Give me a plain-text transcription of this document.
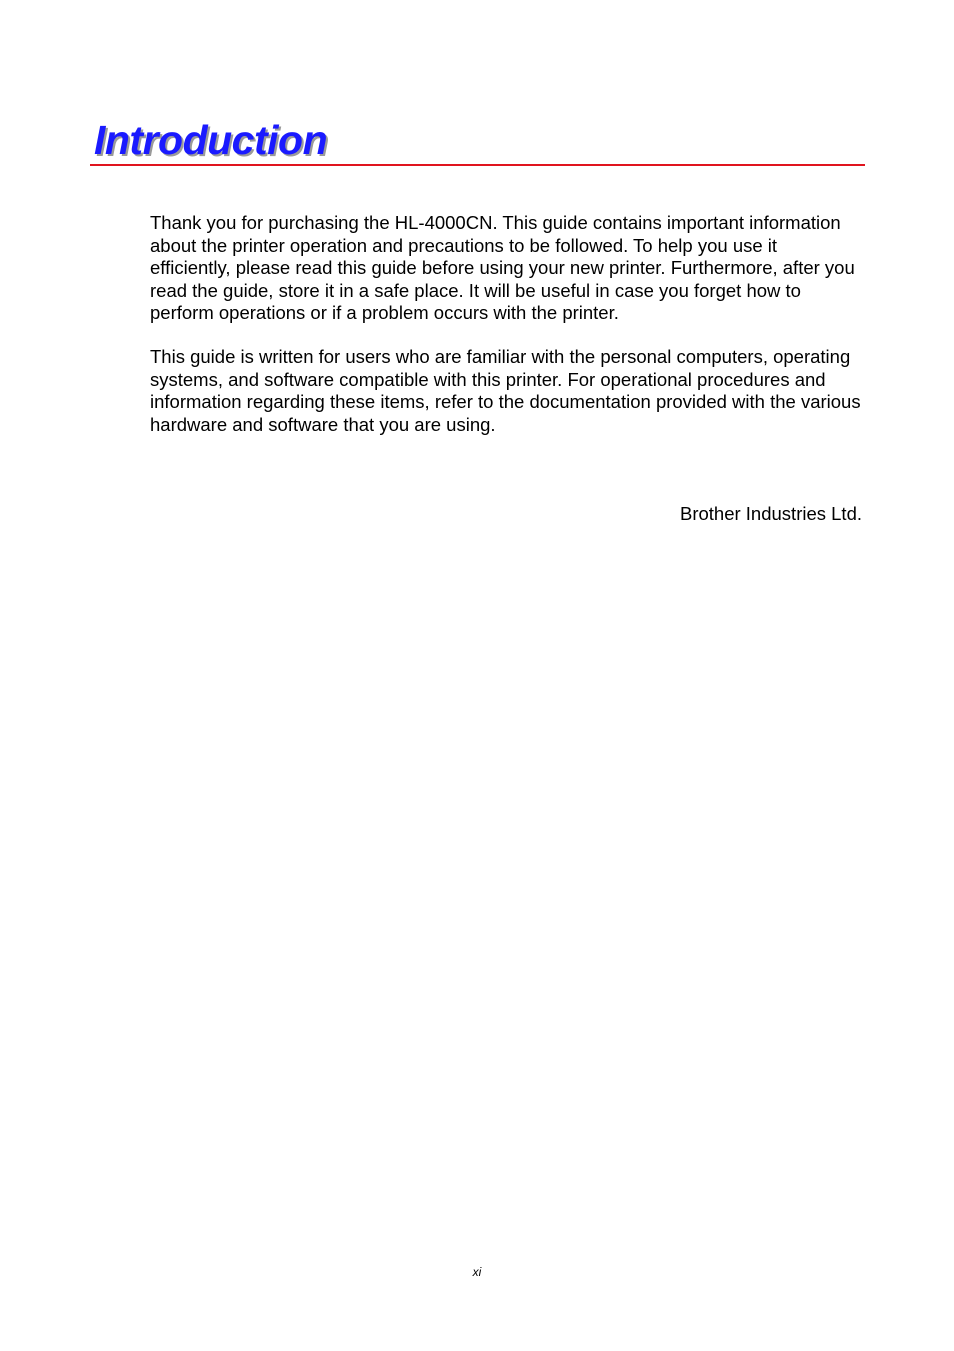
Introduction

Thank you for purchasing the HL-4000CN. This guide contains important information about the printer operation and precautions to be followed. To help you use it efficiently, please read this guide before using your new printer. Furthermore, after you read the guide, store it in a safe place. It will be useful in case you forget how to perform operations or if a problem occurs with the printer.

This guide is written for users who are familiar with the personal computers, operating systems, and software compatible with this printer. For operational procedures and information regarding these items, refer to the documentation provided with the various hardware and software that you are using.

Brother Industries Ltd.

xi
